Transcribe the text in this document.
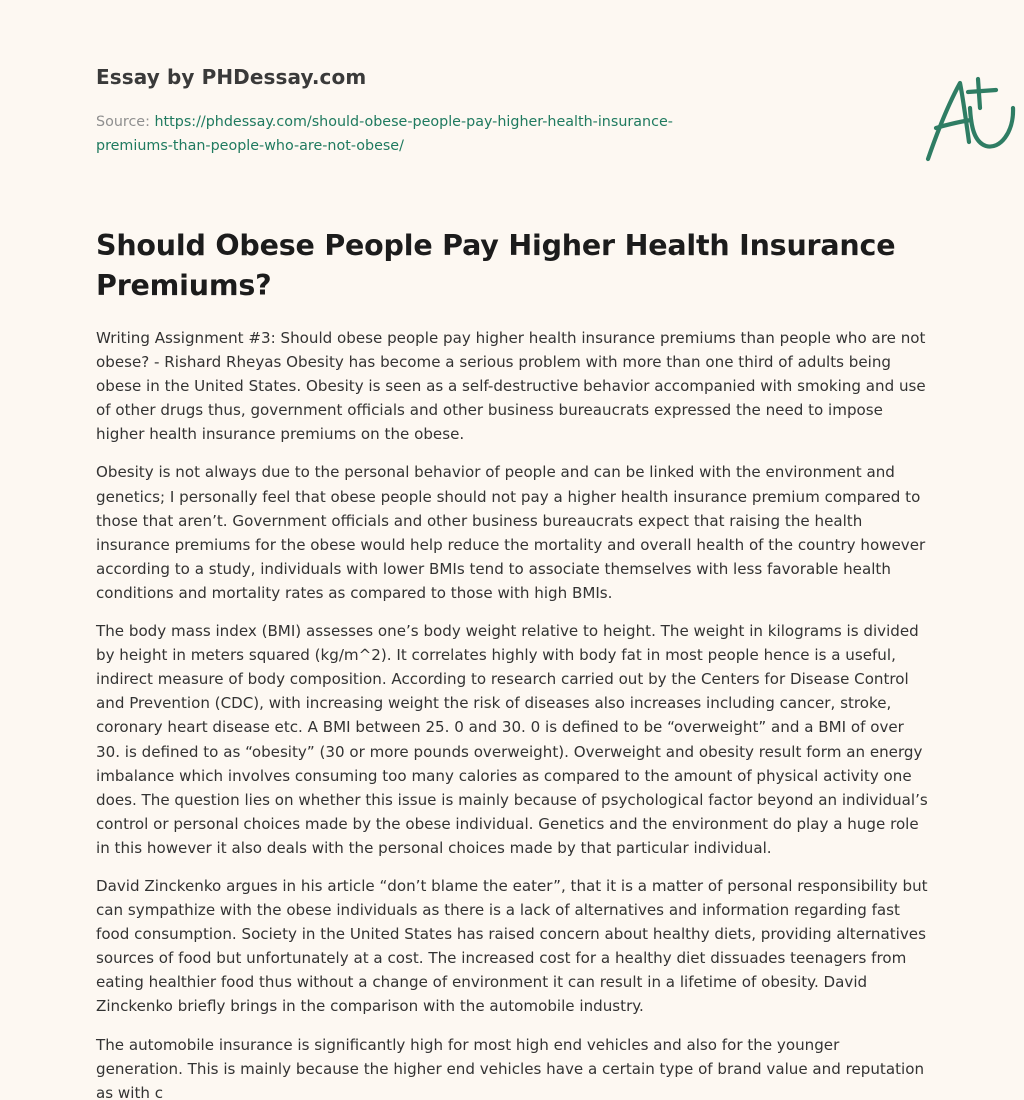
Essay by PHDessay.com
Source: https://phdessay.com/should-obese-people-pay-higher-health-insurance-premiums-than-people-who-are-not-obese/
Should Obese People Pay Higher Health Insurance Premiums?

Writing Assignment #3: Should obese people pay higher health insurance premiums than people who are not obese? - Rishard Rheyas Obesity has become a serious problem with more than one third of adults being obese in the United States. Obesity is seen as a self-destructive behavior accompanied with smoking and use of other drugs thus, government officials and other business bureaucrats expressed the need to impose higher health insurance premiums on the obese.

Obesity is not always due to the personal behavior of people and can be linked with the environment and genetics; I personally feel that obese people should not pay a higher health insurance premium compared to those that aren’t. Government officials and other business bureaucrats expect that raising the health insurance premiums for the obese would help reduce the mortality and overall health of the country however according to a study, individuals with lower BMIs tend to associate themselves with less favorable health conditions and mortality rates as compared to those with high BMIs.

The body mass index (BMI) assesses one’s body weight relative to height. The weight in kilograms is divided by height in meters squared (kg/m^2). It correlates highly with body fat in most people hence is a useful, indirect measure of body composition. According to research carried out by the Centers for Disease Control and Prevention (CDC), with increasing weight the risk of diseases also increases including cancer, stroke, coronary heart disease etc. A BMI between 25. 0 and 30. 0 is defined to be “overweight” and a BMI of over 30. is defined to as “obesity” (30 or more pounds overweight). Overweight and obesity result form an energy imbalance which involves consuming too many calories as compared to the amount of physical activity one does. The question lies on whether this issue is mainly because of psychological factor beyond an individual’s control or personal choices made by the obese individual. Genetics and the environment do play a huge role in this however it also deals with the personal choices made by that particular individual.

David Zinckenko argues in his article “don’t blame the eater”, that it is a matter of personal responsibility but can sympathize with the obese individuals as there is a lack of alternatives and information regarding fast food consumption. Society in the United States has raised concern about healthy diets, providing alternatives sources of food but unfortunately at a cost. The increased cost for a healthy diet dissuades teenagers from eating healthier food thus without a change of environment it can result in a lifetime of obesity. David Zinckenko briefly brings in the comparison with the automobile industry.

The automobile insurance is significantly high for most high end vehicles and also for the younger generation. This is mainly because the higher end vehicles have a certain type of brand value and reputation as with c
